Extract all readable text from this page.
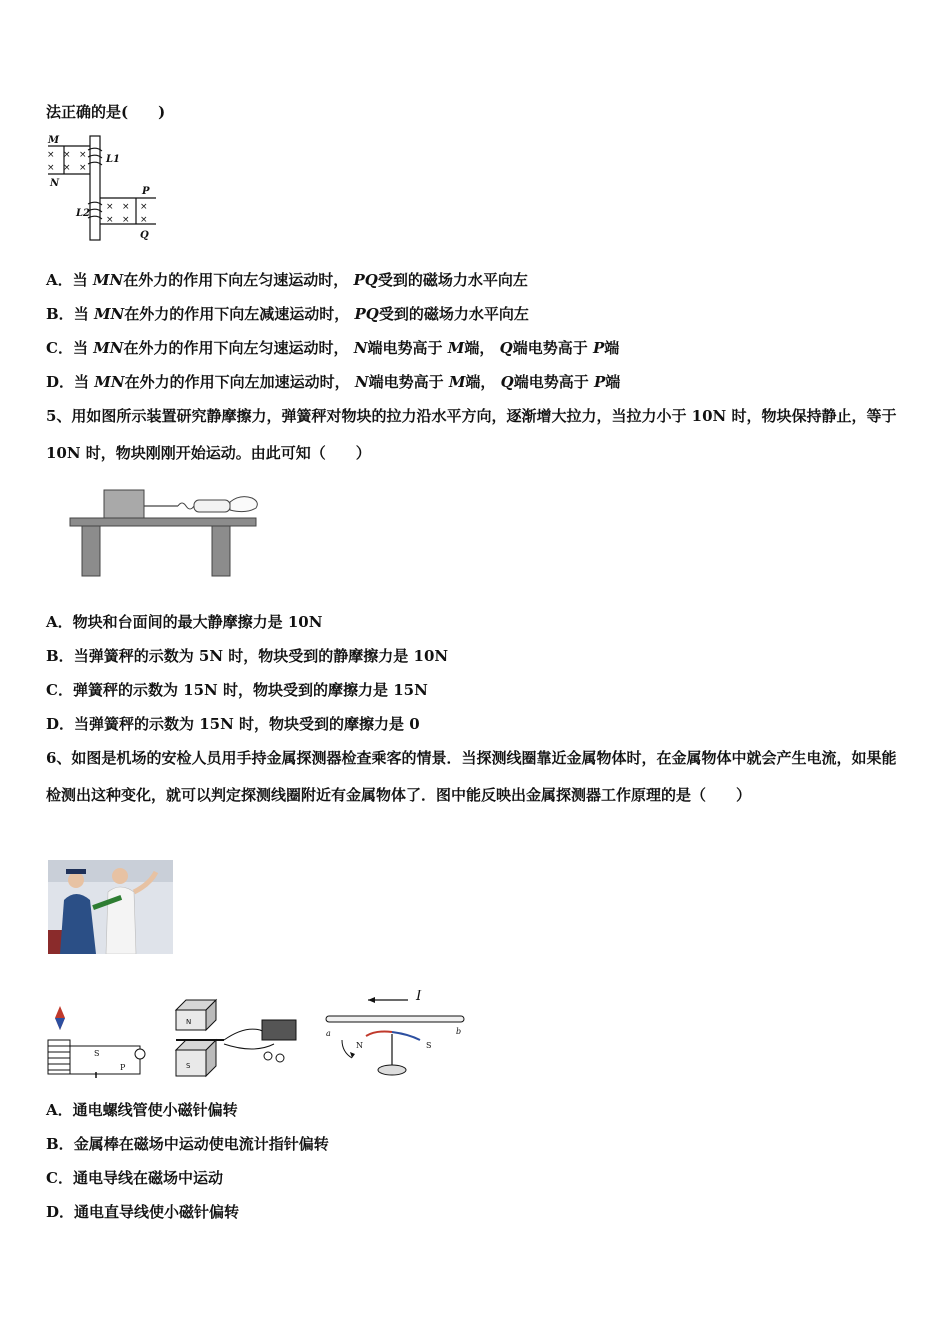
法正确的是(　　)
× × ×
× × ×
× × ×
× × ×
M
N
L1
L2
P
Q
A．当 MN在外力的作用下向左匀速运动时， PQ受到的磁场力水平向左
B．当 MN在外力的作用下向左减速运动时， PQ受到的磁场力水平向左
C．当 MN在外力的作用下向左匀速运动时， N端电势高于 M端， Q端电势高于 P端
D．当 MN在外力的作用下向左加速运动时， N端电势高于 M端， Q端电势高于 P端
5、用如图所示装置研究静摩擦力，弹簧秤对物块的拉力沿水平方向，逐渐增大拉力，当拉力小于 10N 时，物块保持静止，等于 10N 时，物块刚刚开始运动。由此可知（　　）
A．物块和台面间的最大静摩擦力是 10N
B．当弹簧秤的示数为 5N 时，物块受到的静摩擦力是 10N
C．弹簧秤的示数为 15N 时，物块受到的摩擦力是 15N
D．当弹簧秤的示数为 15N 时，物块受到的摩擦力是 0
6、如图是机场的安检人员用手持金属探测器检查乘客的情景．当探测线圈靠近金属物体时，在金属物体中就会产生电流，如果能检测出这种变化，就可以判定探测线圈附近有金属物体了．图中能反映出金属探测器工作原理的是（　　）
S
P
N
S
I
a	b
N	S
A．通电螺线管使小磁针偏转
B．金属棒在磁场中运动使电流计指针偏转
C．通电导线在磁场中运动
D．通电直导线使小磁针偏转
